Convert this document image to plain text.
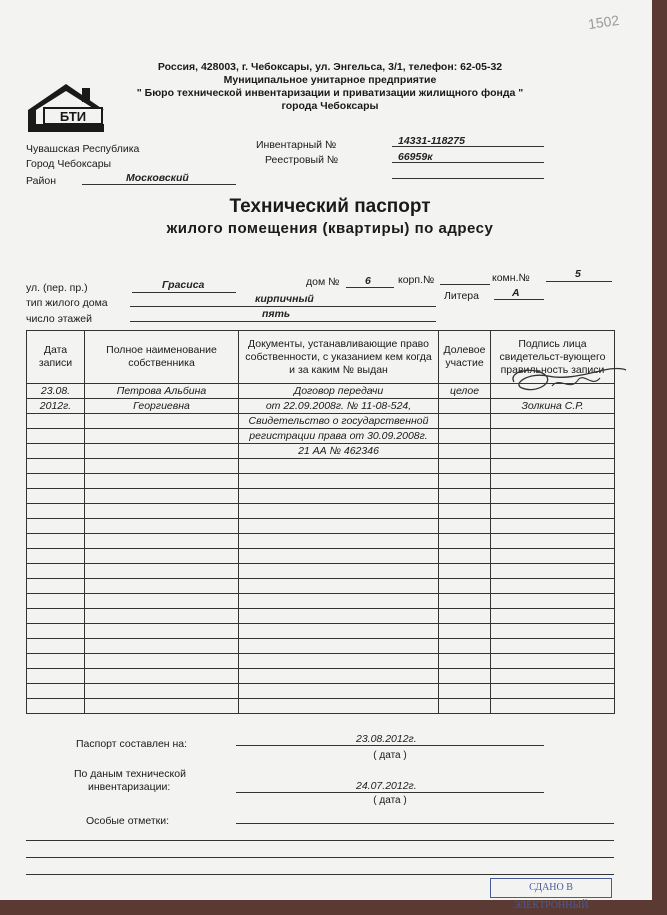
1502
Россия, 428003, г. Чебоксары, ул. Энгельса, 3/1, телефон: 62-05-32
Муниципальное унитарное предприятие
" Бюро технической инвентаризации и приватизации жилищного фонда "
города Чебоксары
БТИ
Чувашская Республика
Город Чебоксары
Район	Московский
Инвентарный №	14331-118275
Реестровый №	66959к
Технический паспорт
жилого помещения (квартиры) по адресу
ул. (пер. пр.)	Грасиса	дом № 6	корп.№	комн.№	5
тип жилого дома	кирпичный	Литера	А
число этажей	пять
Дата записи	Полное наименование собственника	Документы, устанавливающие право собственности, с указанием кем когда и за каким № выдан	Долевое участие	Подпись лица свидетельст-вующего правильность записи
23.08.	Петрова Альбина	Договор передачи	целое	
2012г.	Георгиевна	от 22.09.2008г. № 11-08-524,		Золкина С.Р.
		Свидетельство о государственной		
		регистрации права от 30.09.2008г.		
		21 АА № 462346		

Паспорт составлен на:	23.08.2012г.
( дата )
По даным технической
инвентаризации:	24.07.2012г.
( дата )
Особые отметки:
СДАНО В ЭЛЕКТРОННЫЙ
